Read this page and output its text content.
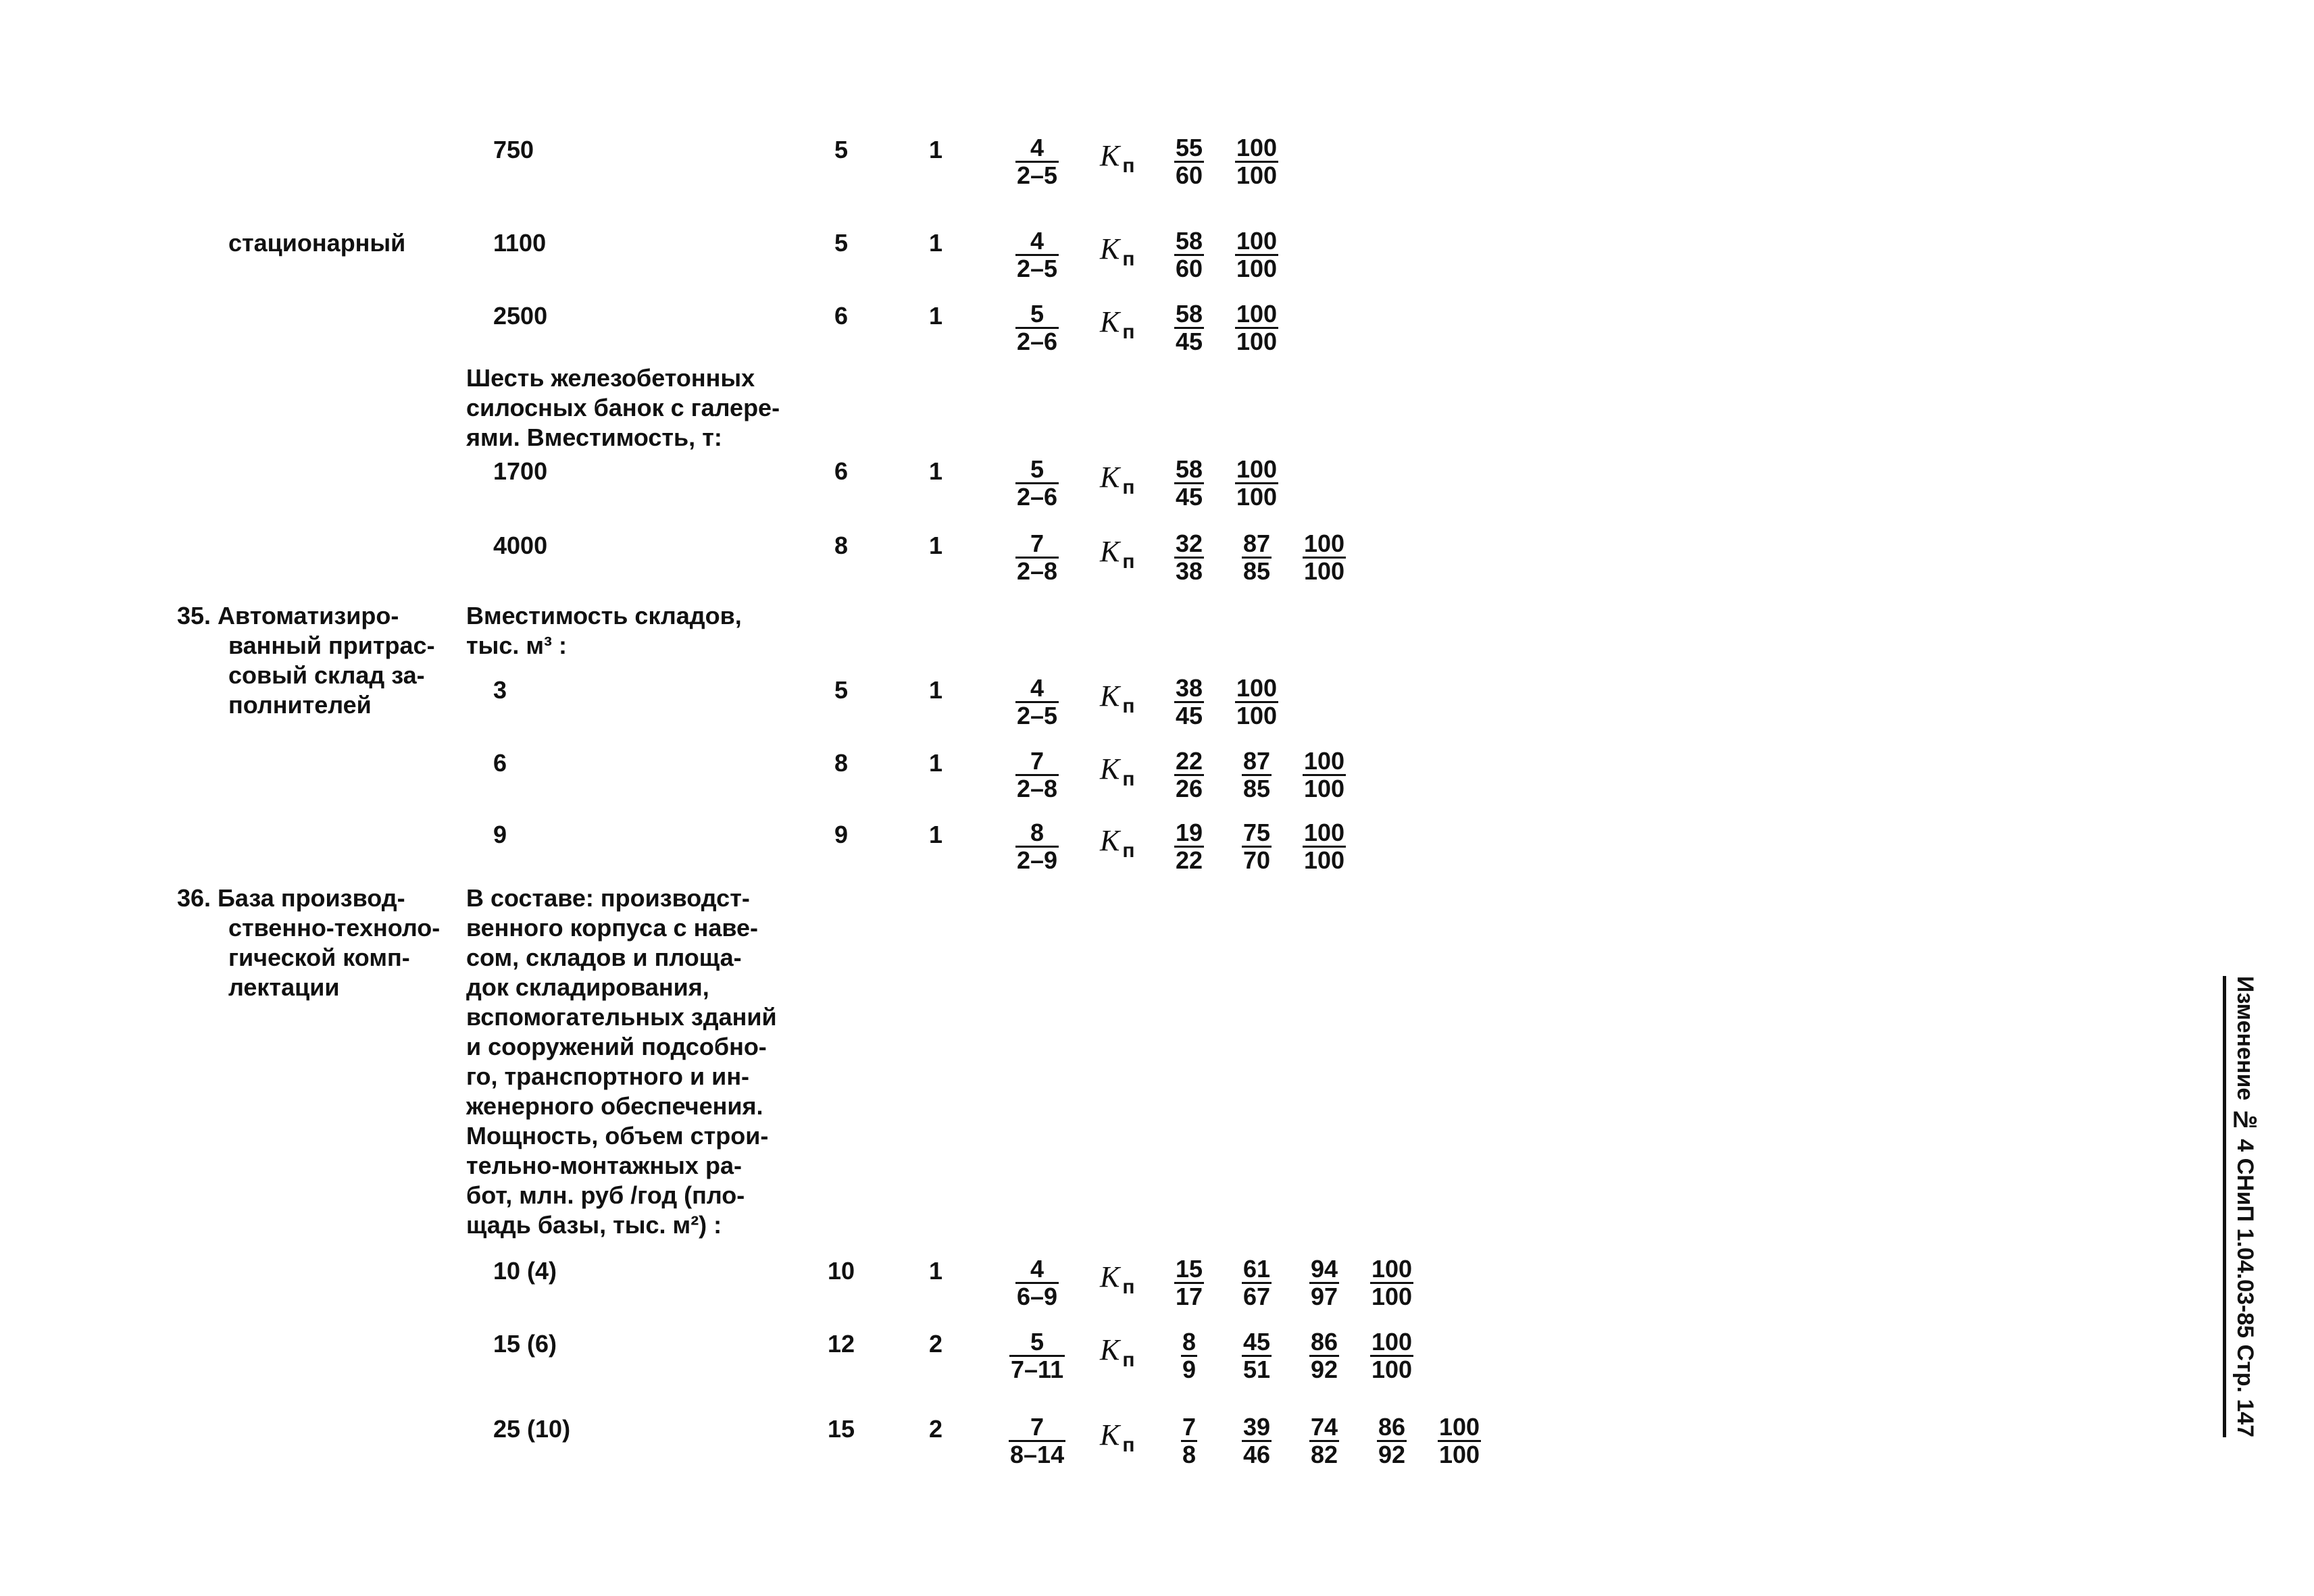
750	5	1	$\frac{4}{2-5}$ K $_п \frac{55}{60} \frac{100}{100}$
стационарный	1100	5	1	$\frac{4}{2-5}$ K $_п \frac{58}{60} \frac{100}{100}$
2500	6	1	$\frac{5}{2-6}$ K $_п \frac{58}{45} \frac{100}{100}$
Шесть железобетонных
силосных банок с галере-
ями. Вместимость, т:
1700	6	1	$\frac{5}{2-6}$ K $_п \frac{58}{45} \frac{100}{100}$
4000	8	1	$\frac{7}{2-8}$ K $_п \frac{32}{38} \frac{87}{85} \frac{100}{100}$
35. Автоматизиро-
ванный притрас-
совый склад за-
полнителей
Вместимость складов,
тыс. м³ :
3	5	1	$\frac{4}{2-5}$ K $_п \frac{38}{45} \frac{100}{100}$
6	8	1	$\frac{7}{2-8}$ K $_п \frac{22}{26} \frac{87}{85} \frac{100}{100}$
9	9	1	$\frac{8}{2-9}$ K $_п \frac{19}{22} \frac{75}{70} \frac{100}{100}$
36. База производ-
ственно-техноло-
гической комп-
лектации
В составе: производст-
венного корпуса с наве-
сом, складов и площа-
док складирования,
вспомогательных зданий
и сооружений подсобно-
го, транспортного и ин-
женерного обеспечения.
Мощность, объем строи-
тельно-монтажных ра-
бот, млн. руб /год (пло-
щадь базы, тыс. м²) :
10 (4)	10	1	$\frac{4}{6-9}$ K $_п \frac{15}{17} \frac{61}{67} \frac{94}{97} \frac{100}{100}$
15 (6)	12	2	$\frac{5}{7-11}$ K $_п \frac{8}{9} \frac{45}{51} \frac{86}{92} \frac{100}{100}$
25 (10)	15	2	$\frac{7}{8-14}$ K $_п \frac{7}{8} \frac{39}{46} \frac{74}{82} \frac{86}{92} \frac{100}{100}$
Изменение № 4 СНиП 1.04.03-85 Стр. 147
